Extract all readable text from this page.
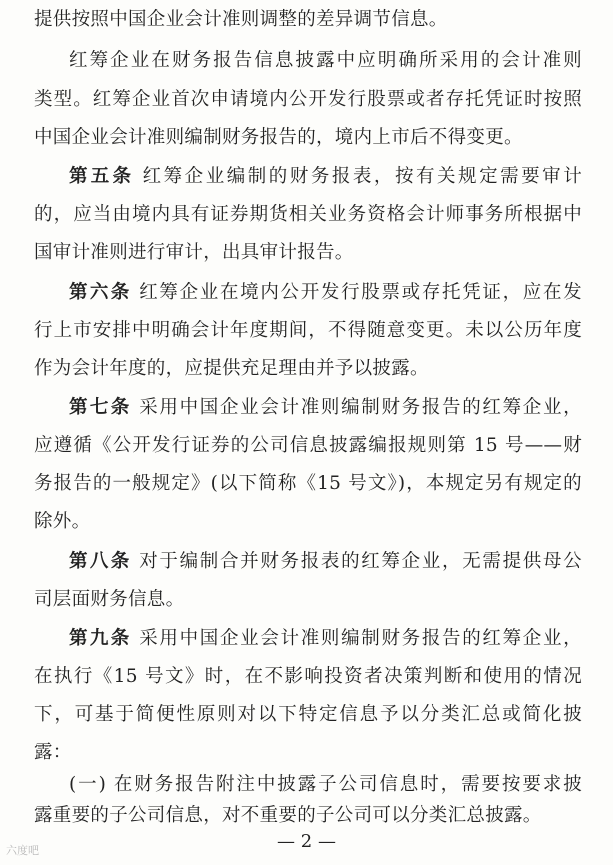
提供按照中国企业会计准则调整的差异调节信息。
红筹企业在财务报告信息披露中应明确所采用的会计准则
类型。红筹企业首次申请境内公开发行股票或者存托凭证时按照
中国企业会计准则编制财务报告的，境内上市后不得变更。
第五条 红筹企业编制的财务报表，按有关规定需要审计
的，应当由境内具有证券期货相关业务资格会计师事务所根据中
国审计准则进行审计，出具审计报告。
第六条 红筹企业在境内公开发行股票或存托凭证，应在发
行上市安排中明确会计年度期间，不得随意变更。未以公历年度
作为会计年度的，应提供充足理由并予以披露。
第七条 采用中国企业会计准则编制财务报告的红筹企业，
应遵循《公开发行证券的公司信息披露编报规则第 15 号——财
务报告的一般规定》(以下简称《15 号文》)，本规定另有规定的
除外。
第八条 对于编制合并财务报表的红筹企业，无需提供母公
司层面财务信息。
第九条 采用中国企业会计准则编制财务报告的红筹企业，
在执行《15 号文》时，在不影响投资者决策判断和使用的情况
下，可基于简便性原则对以下特定信息予以分类汇总或简化披
露：
(一) 在财务报告附注中披露子公司信息时，需要按要求披
露重要的子公司信息，对不重要的子公司可以分类汇总披露。
— 2 —
六度吧
